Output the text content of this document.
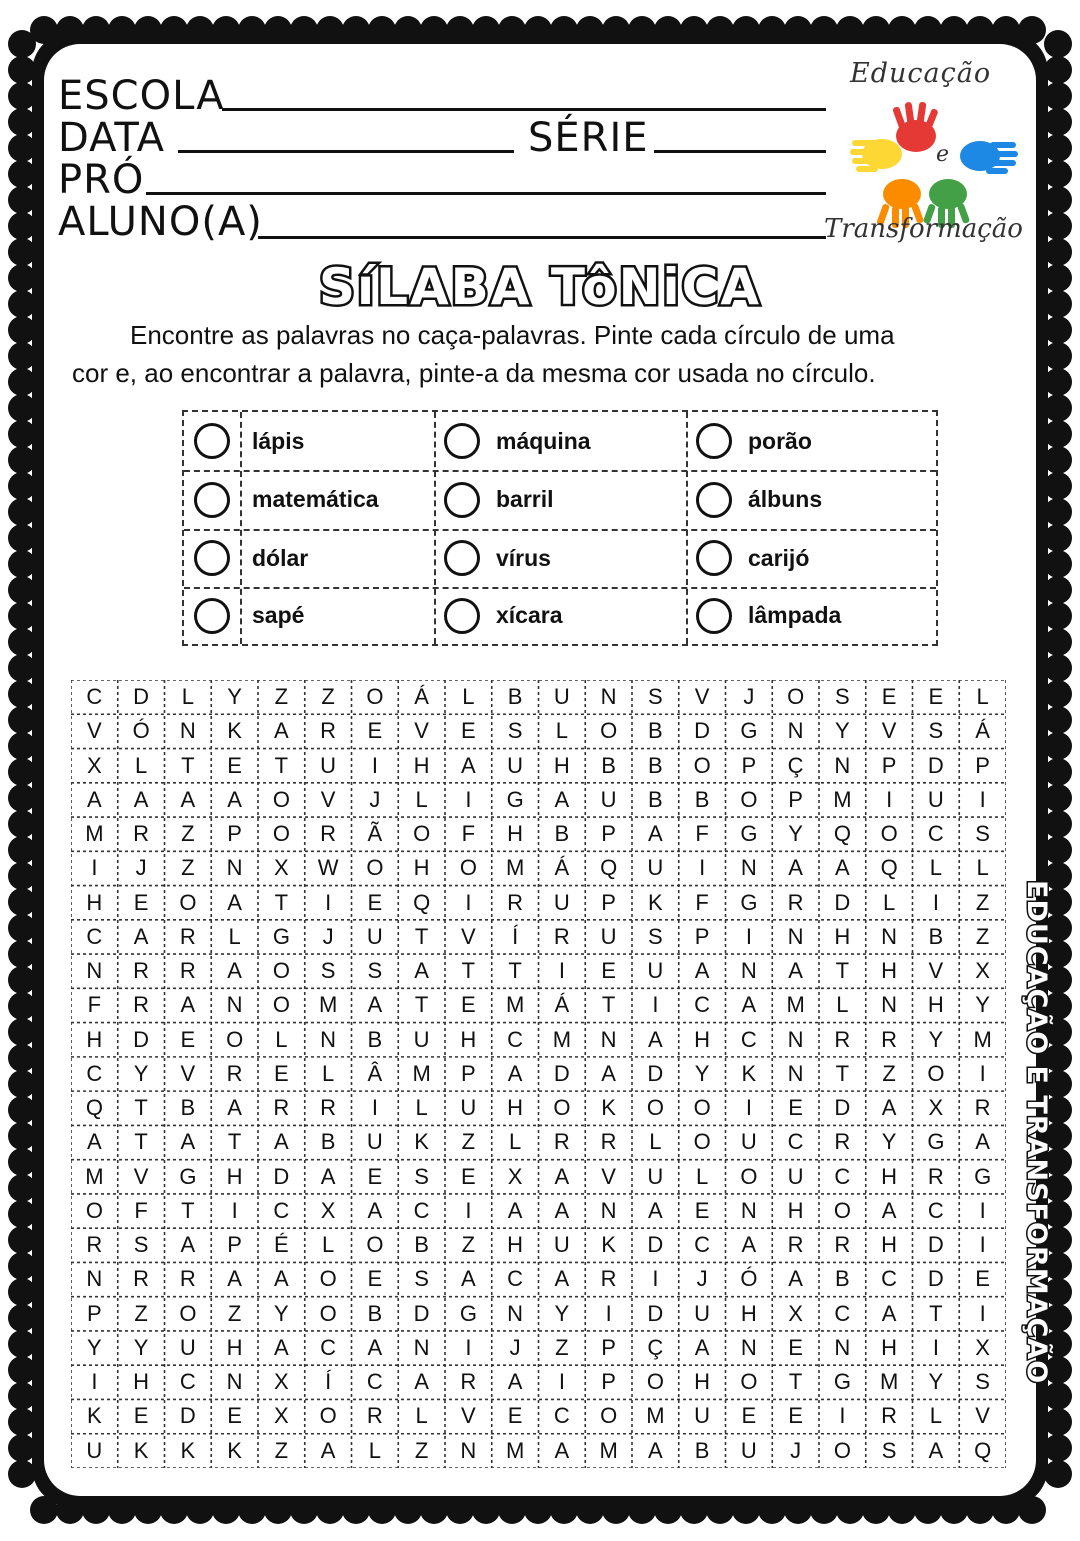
ESCOLA
DATA	SÉRIE
PRÓ
ALUNO(A)
Educação
e
Transformação
SíLABA TôNiCA
Encontre as palavras no caça-palavras. Pinte cada círculo de uma
cor e, ao encontrar a palavra, pinte-a da mesma cor usada no círculo.
lápis	máquina	porão
matemática	barril	álbuns
dólar	vírus	carijó
sapé	xícara	lâmpada
C	D	L	Y	Z	Z	O	Á	L	B	U	N	S	V	J	O	S	E	E	L
V	Ó	N	K	A	R	E	V	E	S	L	O	B	D	G	N	Y	V	S	Á
X	L	T	E	T	U	I	H	A	U	H	B	B	O	P	Ç	N	P	D	P
A	A	A	A	O	V	J	L	I	G	A	U	B	B	O	P	M	I	U	I
M	R	Z	P	O	R	Ã	O	F	H	B	P	A	F	G	Y	Q	O	C	S
I	J	Z	N	X	W	O	H	O	M	Á	Q	U	I	N	A	A	Q	L	L
H	E	O	A	T	I	E	Q	I	R	U	P	K	F	G	R	D	L	I	Z
C	A	R	L	G	J	U	T	V	Í	R	U	S	P	I	N	H	N	B	Z
N	R	R	A	O	S	S	A	T	T	I	E	U	A	N	A	T	H	V	X
F	R	A	N	O	M	A	T	E	M	Á	T	I	C	A	M	L	N	H	Y
H	D	E	O	L	N	B	U	H	C	M	N	A	H	C	N	R	R	Y	M
C	Y	V	R	E	L	Â	M	P	A	D	A	D	Y	K	N	T	Z	O	I
Q	T	B	A	R	R	I	L	U	H	O	K	O	O	I	E	D	A	X	R
A	T	A	T	A	B	U	K	Z	L	R	R	L	O	U	C	R	Y	G	A
M	V	G	H	D	A	E	S	E	X	A	V	U	L	O	U	C	H	R	G
O	F	T	I	C	X	A	C	I	A	A	N	A	E	N	H	O	A	C	I
R	S	A	P	É	L	O	B	Z	H	U	K	D	C	A	R	R	H	D	I
N	R	R	A	A	O	E	S	A	C	A	R	I	J	Ó	A	B	C	D	E
P	Z	O	Z	Y	O	B	D	G	N	Y	I	D	U	H	X	C	A	T	I
Y	Y	U	H	A	C	A	N	I	J	Z	P	Ç	A	N	E	N	H	I	X
I	H	C	N	X	Í	C	A	R	A	I	P	O	H	O	T	G	M	Y	S
K	E	D	E	X	O	R	L	V	E	C	O	M	U	E	E	I	R	L	V
U	K	K	K	Z	A	L	Z	N	M	A	M	A	B	U	J	O	S	A	Q
EDUCAÇÃO E TRANSFORMAÇÃO
